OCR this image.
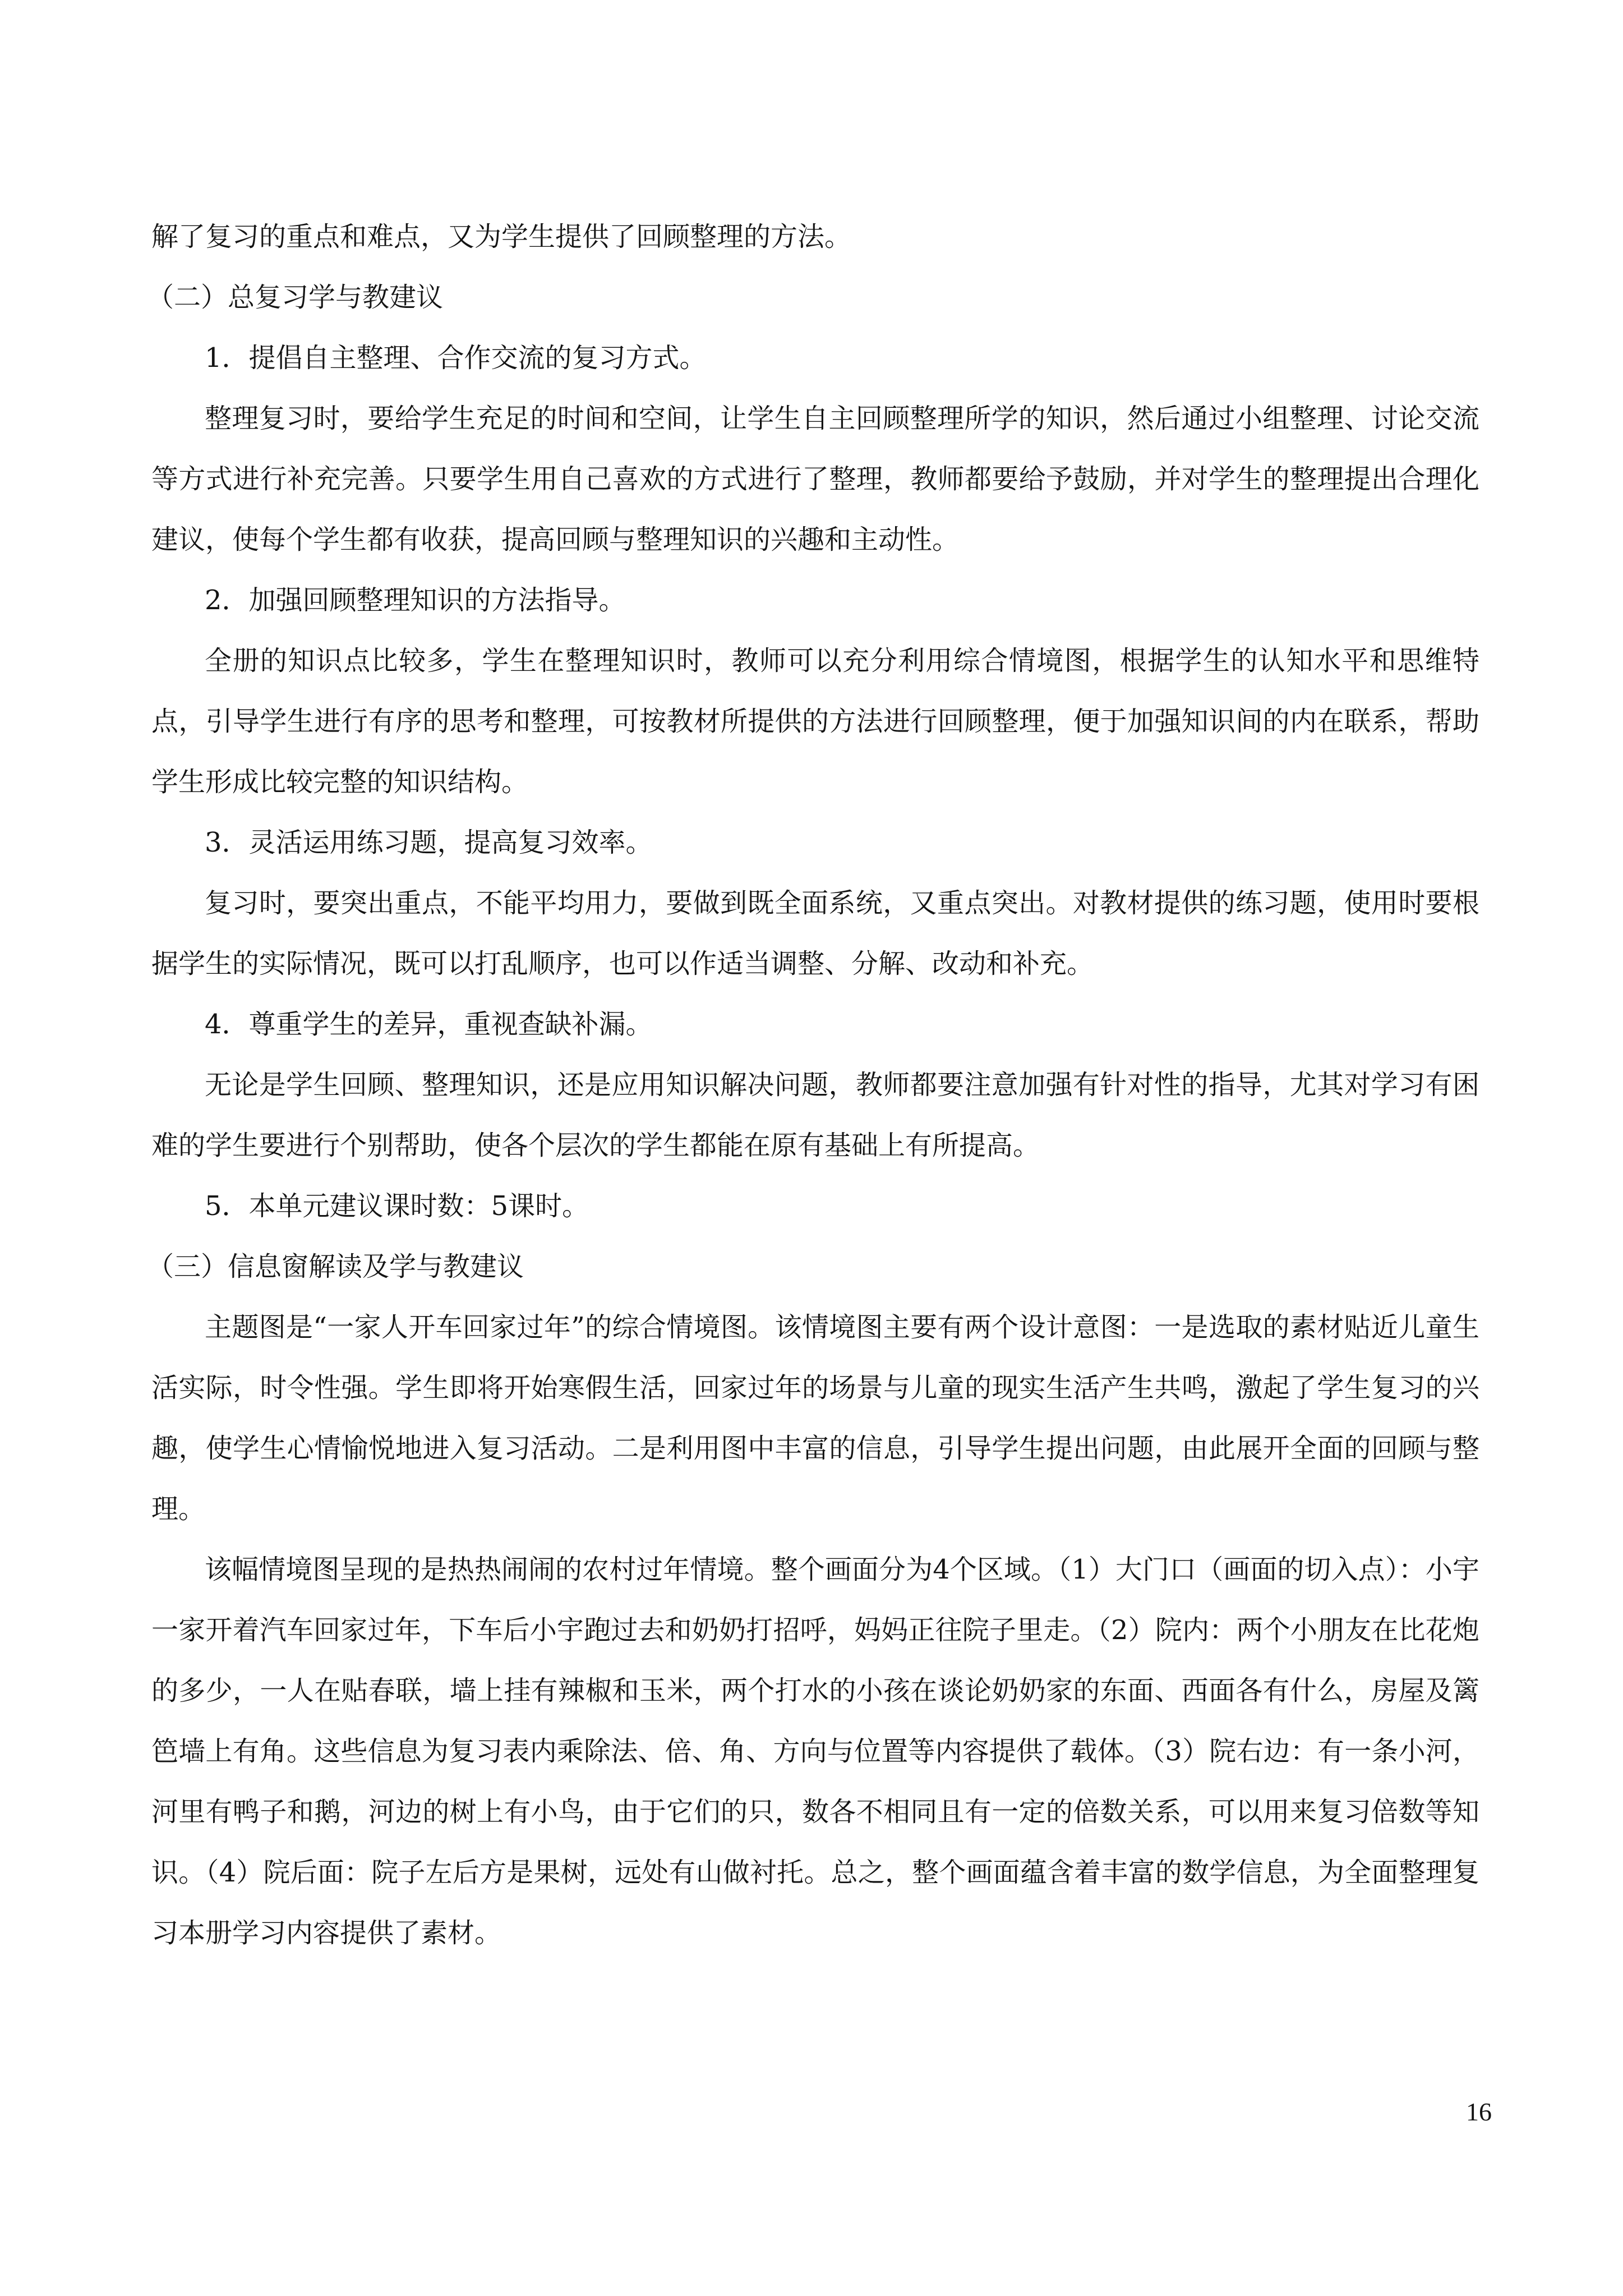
解了复习的重点和难点，又为学生提供了回顾整理的方法。

（二）总复习学与教建议

1．提倡自主整理、合作交流的复习方式。

整理复习时，要给学生充足的时间和空间，让学生自主回顾整理所学的知识，然后通过小组整理、讨论交流等方式进行补充完善。只要学生用自己喜欢的方式进行了整理，教师都要给予鼓励，并对学生的整理提出合理化建议，使每个学生都有收获，提高回顾与整理知识的兴趣和主动性。

2．加强回顾整理知识的方法指导。

全册的知识点比较多，学生在整理知识时，教师可以充分利用综合情境图，根据学生的认知水平和思维特点，引导学生进行有序的思考和整理，可按教材所提供的方法进行回顾整理，便于加强知识间的内在联系，帮助学生形成比较完整的知识结构。

3．灵活运用练习题，提高复习效率。

复习时，要突出重点，不能平均用力，要做到既全面系统，又重点突出。对教材提供的练习题，使用时要根据学生的实际情况，既可以打乱顺序，也可以作适当调整、分解、改动和补充。

4．尊重学生的差异，重视查缺补漏。

无论是学生回顾、整理知识，还是应用知识解决问题，教师都要注意加强有针对性的指导，尤其对学习有困难的学生要进行个别帮助，使各个层次的学生都能在原有基础上有所提高。

5．本单元建议课时数：5课时。

（三）信息窗解读及学与教建议

主题图是“一家人开车回家过年”的综合情境图。该情境图主要有两个设计意图：一是选取的素材贴近儿童生活实际，时令性强。学生即将开始寒假生活，回家过年的场景与儿童的现实生活产生共鸣，激起了学生复习的兴趣，使学生心情愉悦地进入复习活动。二是利用图中丰富的信息，引导学生提出问题，由此展开全面的回顾与整理。

该幅情境图呈现的是热热闹闹的农村过年情境。整个画面分为4个区域。（1）大门口（画面的切入点）：小宇一家开着汽车回家过年，下车后小宇跑过去和奶奶打招呼，妈妈正往院子里走。（2）院内：两个小朋友在比花炮的多少，一人在贴春联，墙上挂有辣椒和玉米，两个打水的小孩在谈论奶奶家的东面、西面各有什么，房屋及篱笆墙上有角。这些信息为复习表内乘除法、倍、角、方向与位置等内容提供了载体。（3）院右边：有一条小河，河里有鸭子和鹅，河边的树上有小鸟，由于它们的只，数各不相同且有一定的倍数关系，可以用来复习倍数等知识。（4）院后面：院子左后方是果树，远处有山做衬托。总之，整个画面蕴含着丰富的数学信息，为全面整理复习本册学习内容提供了素材。

16
